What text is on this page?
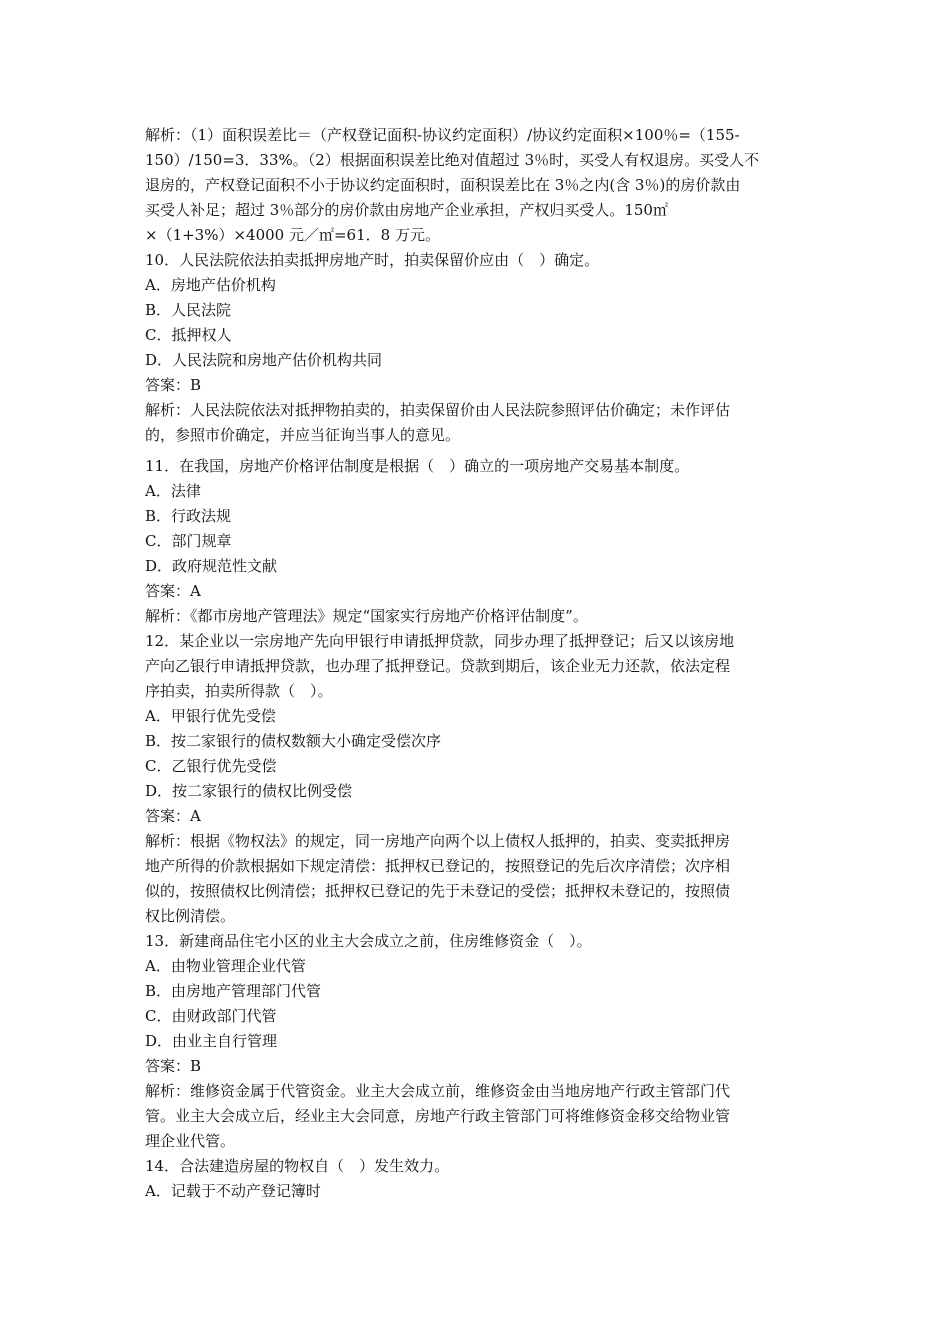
解析：（1）面积误差比＝（产权登记面积-协议约定面积）/协议约定面积×100％=（155-
150）/150=3．33%。（2）根据面积误差比绝对值超过 3％时，买受人有权退房。买受人不
退房的，产权登记面积不小于协议约定面积时，面积误差比在 3％之内(含 3％)的房价款由
买受人补足；超过 3％部分的房价款由房地产企业承担，产权归买受人。150㎡
×（1+3%）×4000 元／㎡=61．8 万元。
10．人民法院依法拍卖抵押房地产时，拍卖保留价应由（　）确定。
A．房地产估价机构
B．人民法院
C．抵押权人
D．人民法院和房地产估价机构共同
答案：B
解析：人民法院依法对抵押物拍卖的，拍卖保留价由人民法院参照评估价确定；未作评估
的，参照市价确定，并应当征询当事人的意见。
11．在我国，房地产价格评估制度是根据（　）确立的一项房地产交易基本制度。
A．法律
B．行政法规
C．部门规章
D．政府规范性文献
答案：A
解析：《都市房地产管理法》规定“国家实行房地产价格评估制度”。
12．某企业以一宗房地产先向甲银行申请抵押贷款，同步办理了抵押登记；后又以该房地
产向乙银行申请抵押贷款，也办理了抵押登记。贷款到期后，该企业无力还款，依法定程
序拍卖，拍卖所得款（　）。
A．甲银行优先受偿
B．按二家银行的债权数额大小确定受偿次序
C．乙银行优先受偿
D．按二家银行的债权比例受偿
答案：A
解析：根据《物权法》的规定，同一房地产向两个以上债权人抵押的，拍卖、变卖抵押房
地产所得的价款根据如下规定清偿：抵押权已登记的，按照登记的先后次序清偿；次序相
似的，按照债权比例清偿；抵押权已登记的先于未登记的受偿；抵押权未登记的，按照债
权比例清偿。
13．新建商品住宅小区的业主大会成立之前，住房维修资金（　）。
A．由物业管理企业代管
B．由房地产管理部门代管
C．由财政部门代管
D．由业主自行管理
答案：B
解析：维修资金属于代管资金。业主大会成立前，维修资金由当地房地产行政主管部门代
管。业主大会成立后，经业主大会同意，房地产行政主管部门可将维修资金移交给物业管
理企业代管。
14．合法建造房屋的物权自（　）发生效力。
A．记载于不动产登记簿时
